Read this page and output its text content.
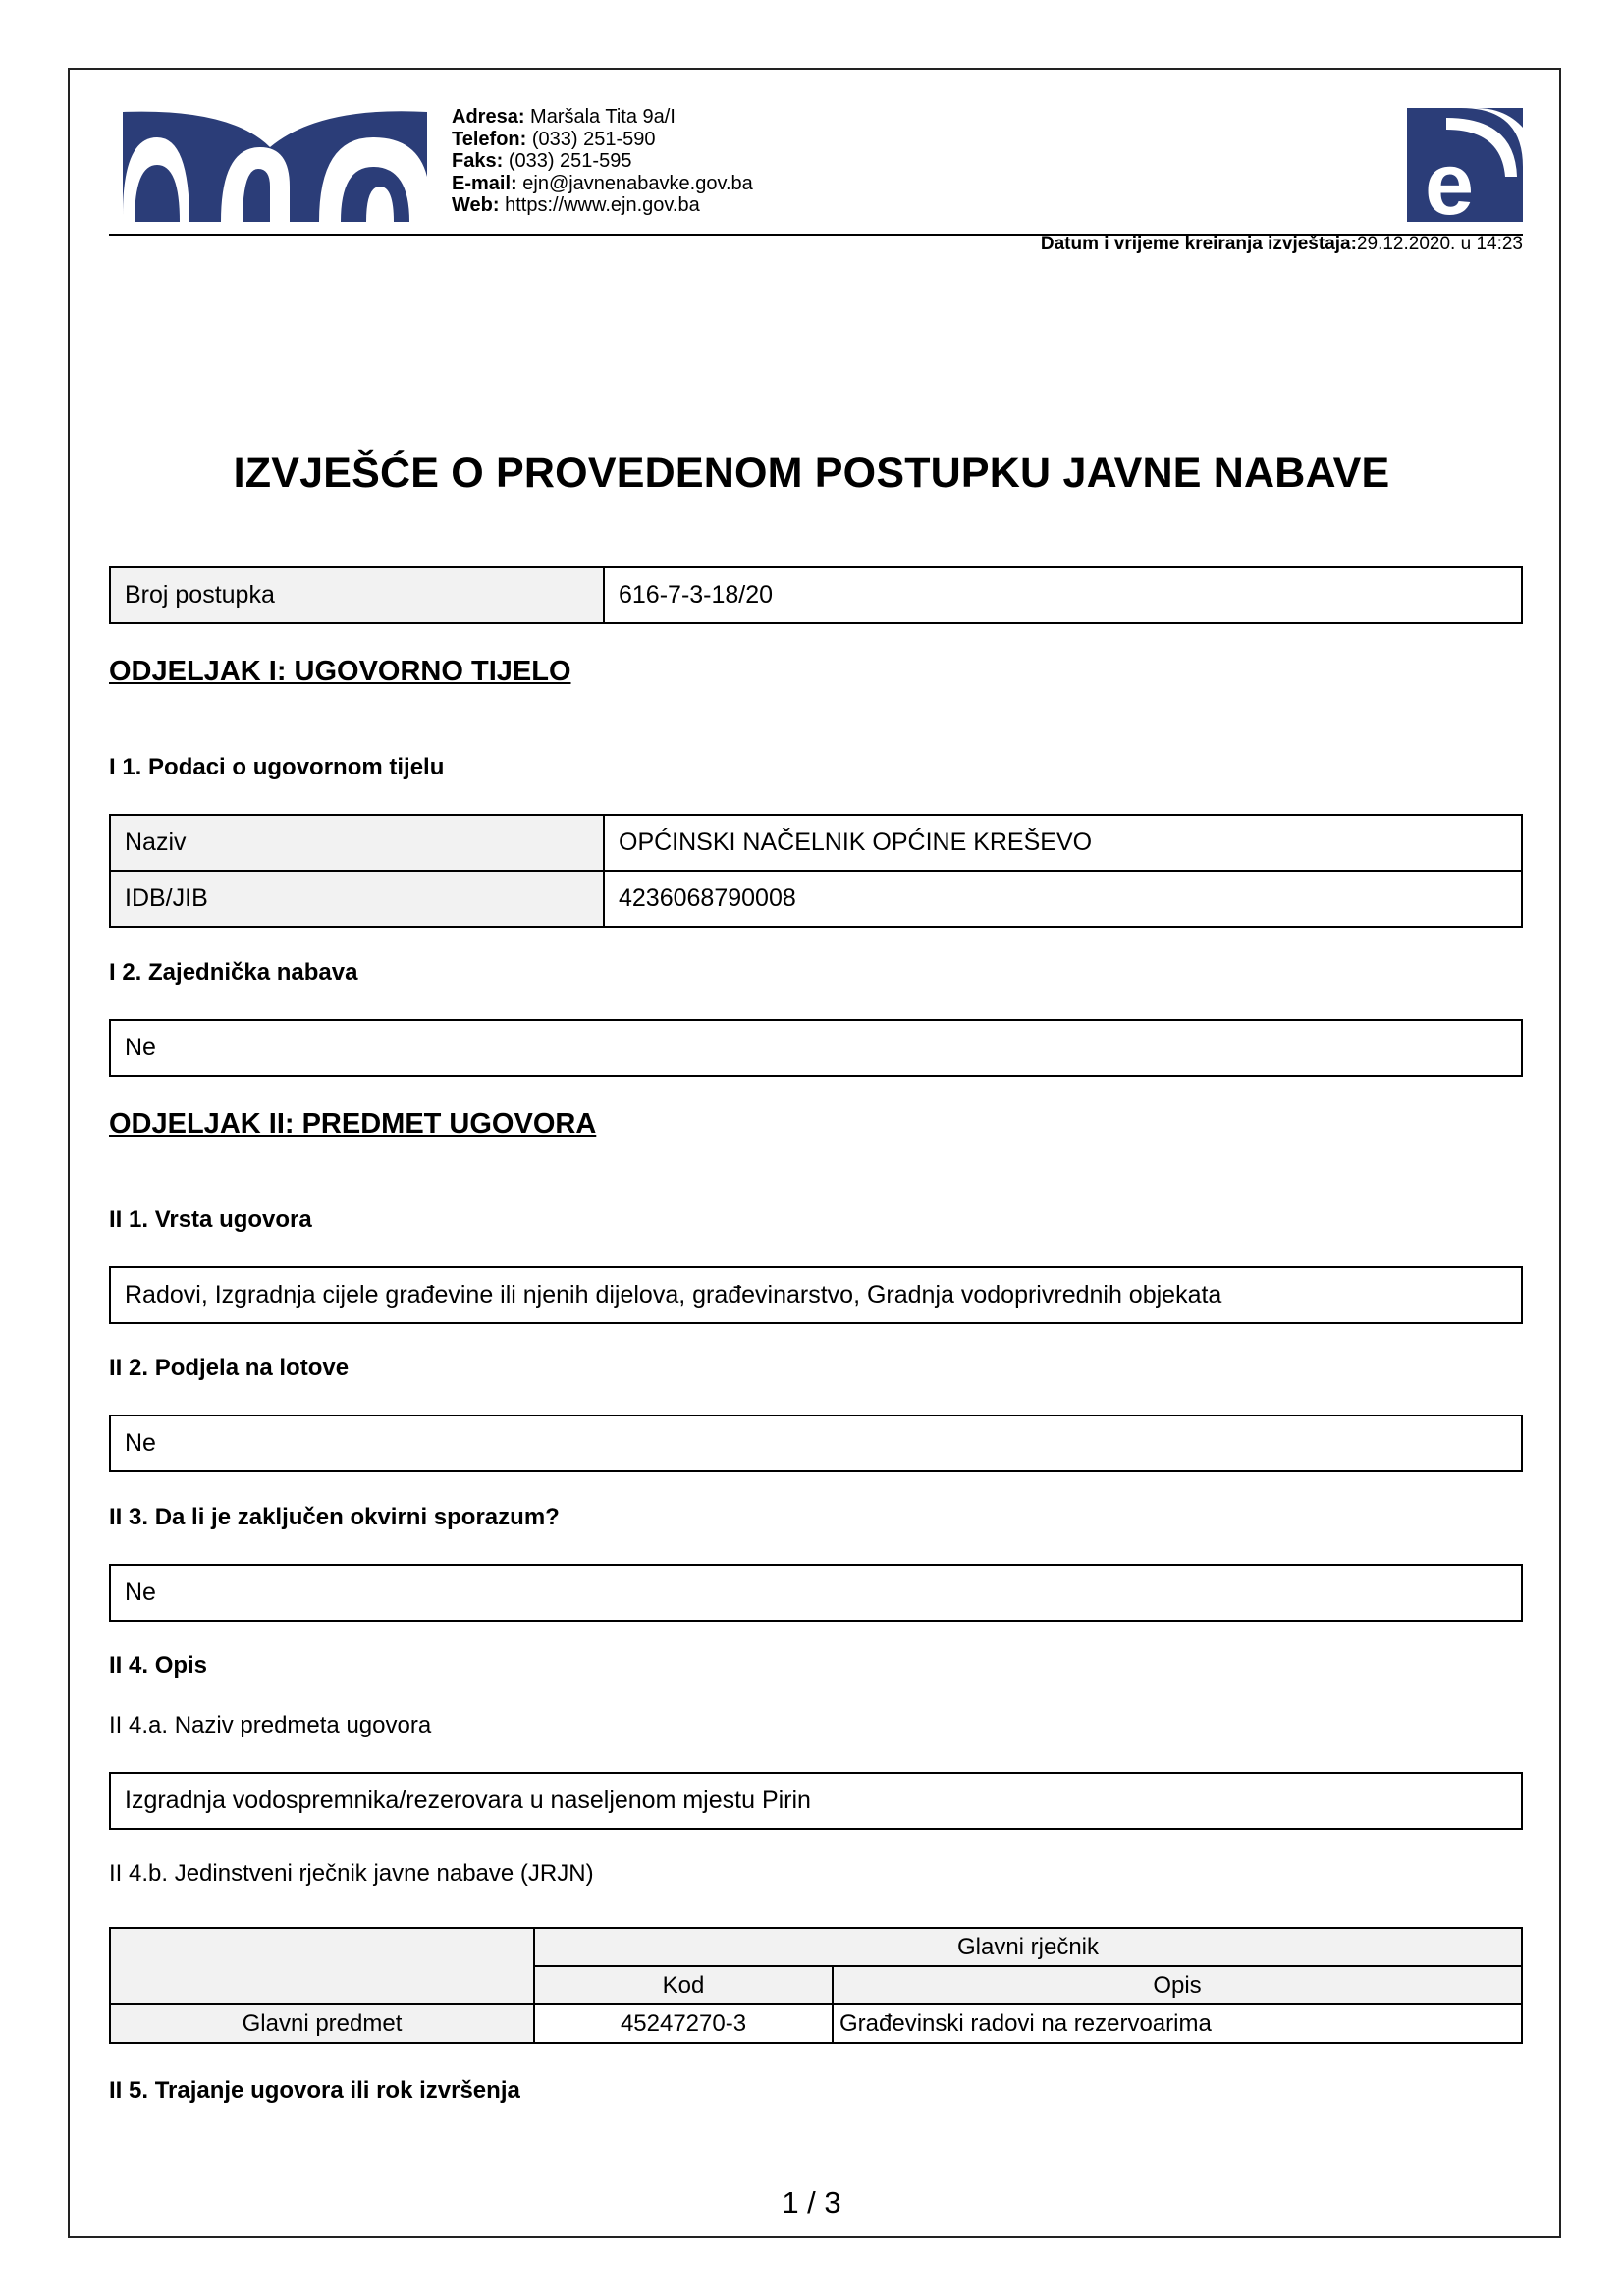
Adresa: Maršala Tita 9a/I
Telefon: (033) 251-590
Faks: (033) 251-595
E-mail: ejn@javnenabavke.gov.ba
Web: https://www.ejn.gov.ba	e
Datum i vrijeme kreiranja izvještaja:29.12.2020. u 14:23
IZVJEŠĆE O PROVEDENOM POSTUPKU JAVNE NABAVE
Broj postupka	616-7-3-18/20
ODJELJAK I: UGOVORNO TIJELO
I 1. Podaci o ugovornom tijelu
Naziv	OPĆINSKI NAČELNIK OPĆINE KREŠEVO
IDB/JIB	4236068790008
I 2. Zajednička nabava
Ne
ODJELJAK II: PREDMET UGOVORA
II 1. Vrsta ugovora
Radovi, Izgradnja cijele građevine ili njenih dijelova, građevinarstvo, Gradnja vodoprivrednih objekata
II 2. Podjela na lotove
Ne
II 3. Da li je zaključen okvirni sporazum?
Ne
II 4. Opis
II 4.a. Naziv predmeta ugovora
Izgradnja vodospremnika/rezerovara u naseljenom mjestu Pirin
II 4.b. Jedinstveni rječnik javne nabave (JRJN)
	Glavni rječnik	
	Kod	Opis
Glavni predmet	45247270-3	Građevinski radovi na rezervoarima
II 5. Trajanje ugovora ili rok izvršenja
1 / 3
